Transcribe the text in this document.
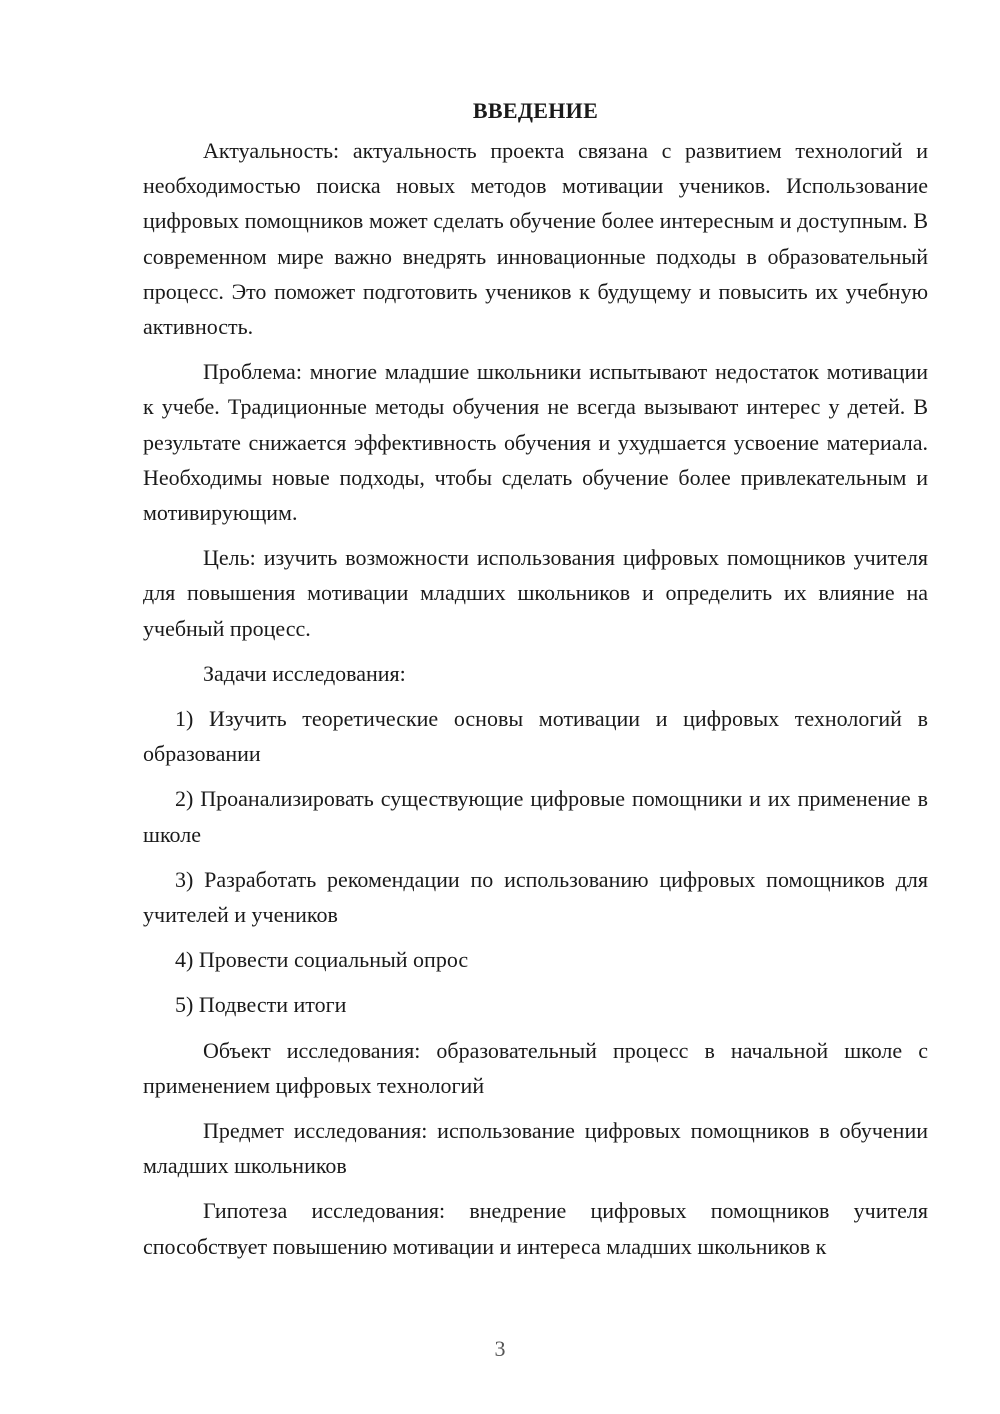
ВВЕДЕНИЕ

Актуальность: актуальность проекта связана с развитием технологий и необходимостью поиска новых методов мотивации учеников. Использование цифровых помощников может сделать обучение более интересным и доступным. В современном мире важно внедрять инновационные подходы в образовательный процесс. Это поможет подготовить учеников к будущему и повысить их учебную активность.

Проблема: многие младшие школьники испытывают недостаток мотивации к учебе. Традиционные методы обучения не всегда вызывают интерес у детей. В результате снижается эффективность обучения и ухудшается усвоение материала. Необходимы новые подходы, чтобы сделать обучение более привлекательным и мотивирующим.

Цель: изучить возможности использования цифровых помощников учителя для повышения мотивации младших школьников и определить их влияние на учебный процесс.

Задачи исследования:

1) Изучить теоретические основы мотивации и цифровых технологий в образовании

2) Проанализировать существующие цифровые помощники и их применение в школе

3) Разработать рекомендации по использованию цифровых помощников для учителей и учеников

4) Провести социальный опрос

5) Подвести итоги

Объект исследования: образовательный процесс в начальной школе с применением цифровых технологий

Предмет исследования: использование цифровых помощников в обучении младших школьников

Гипотеза исследования: внедрение цифровых помощников учителя способствует повышению мотивации и интереса младших школьников к

3
